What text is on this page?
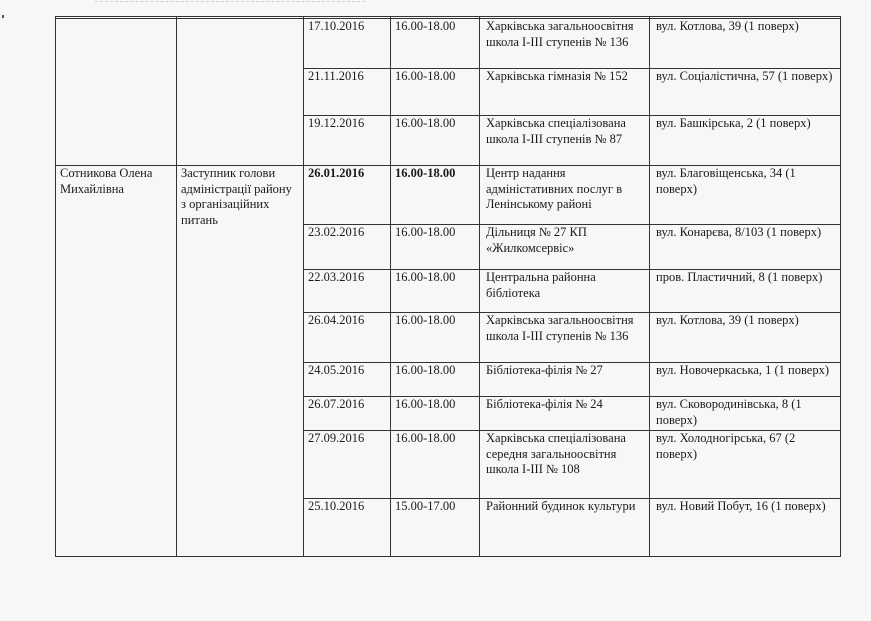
		17.10.2016	16.00-18.00	Харківська загальноосвітня школа І-ІІІ ступенів № 136	вул. Котлова, 39 (1 поверх)
		21.11.2016	16.00-18.00	Харківська гімназія № 152	вул. Соціалістична, 57 (1 поверх)
		19.12.2016	16.00-18.00	Харківська спеціалізована школа І-ІІІ ступенів № 87	вул. Башкірська, 2 (1 поверх)
Сотникова Олена Михайлівна	Заступник голови адміністрації району з організаційних питань	26.01.2016	16.00-18.00	Центр надання адміністативних послуг в Ленінському районі	вул. Благовіщенська, 34 (1 поверх)
		23.02.2016	16.00-18.00	Дільниця № 27 КП «Жилкомсервіс»	вул. Конарєва, 8/103 (1 поверх)
		22.03.2016	16.00-18.00	Центральна районна бібліотека	пров. Пластичний, 8 (1 поверх)
		26.04.2016	16.00-18.00	Харківська загальноосвітня школа І-ІІІ ступенів № 136	вул. Котлова, 39 (1 поверх)
		24.05.2016	16.00-18.00	Бібліотека-філія № 27	вул. Новочеркаська, 1 (1 поверх)
		26.07.2016	16.00-18.00	Бібліотека-філія № 24	вул. Сковородинівська, 8 (1 поверх)
		27.09.2016	16.00-18.00	Харківська спеціалізована середня загальноосвітня школа І-ІІІ № 108	вул. Холодногірська, 67 (2 поверх)
		25.10.2016	15.00-17.00	Районний будинок культури	вул. Новий Побут, 16 (1 поверх)
